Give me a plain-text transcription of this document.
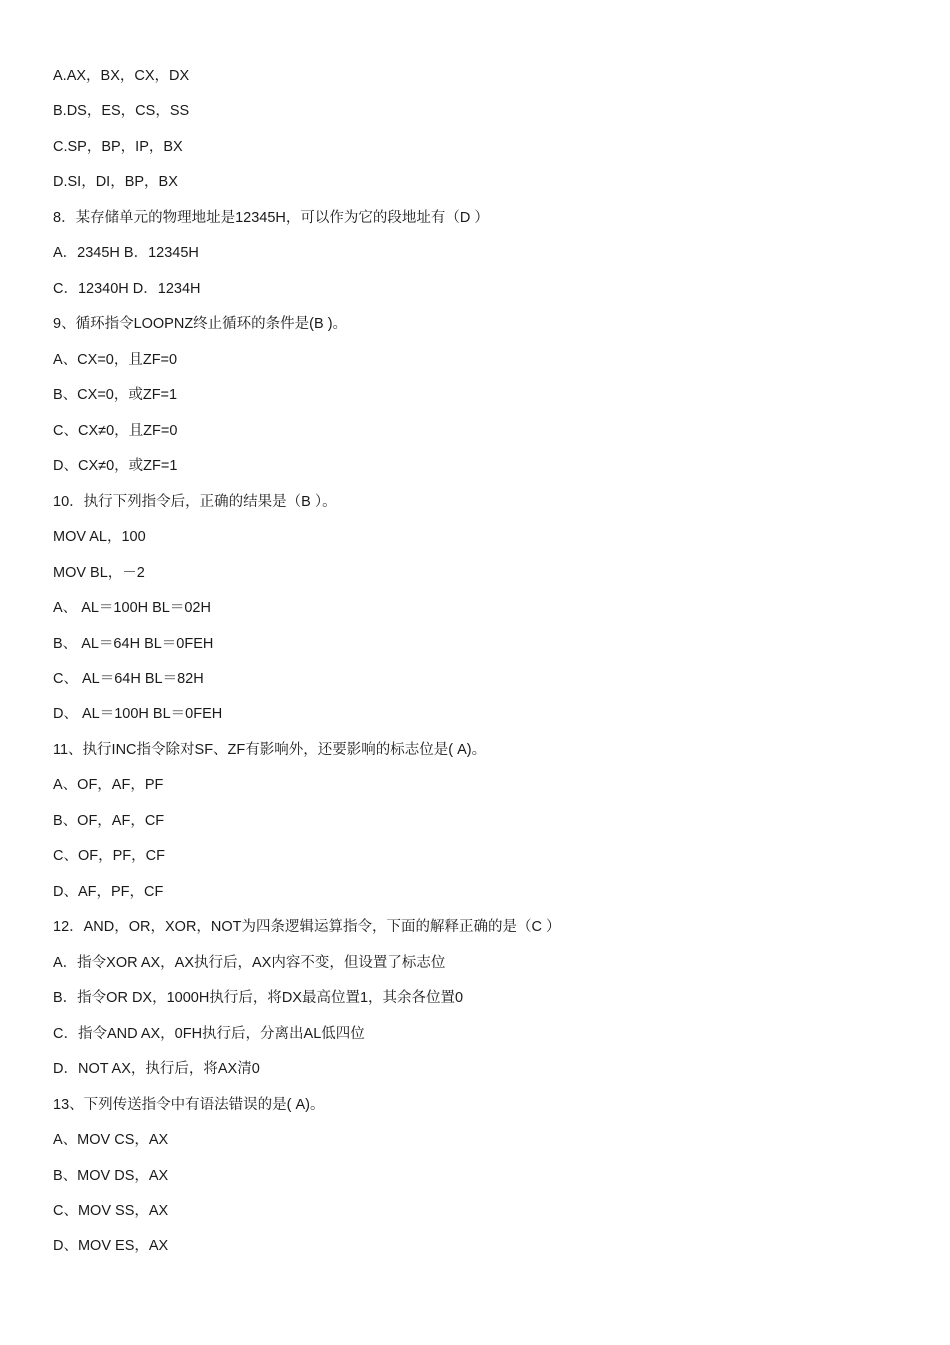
A.AX，BX，CX，DX
B.DS，ES，CS，SS
C.SP，BP，IP，BX
D.SI，DI，BP，BX
8．某存储单元的物理地址是12345H，可以作为它的段地址有（D ）
A．2345H B．12345H
C．12340H D．1234H
9、循环指令LOOPNZ终止循环的条件是(B )。
A、CX=0，且ZF=0
B、CX=0，或ZF=1
C、CX≠0，且ZF=0
D、CX≠0，或ZF=1
10．执行下列指令后，正确的结果是（B ）。
MOV AL，100
MOV BL，－2
A、 AL＝100H BL＝02H
B、 AL＝64H BL＝0FEH
C、 AL＝64H BL＝82H
D、 AL＝100H BL＝0FEH
11、执行INC指令除对SF、ZF有影响外，还要影响的标志位是( A)。
A、OF，AF，PF
B、OF，AF，CF
C、OF，PF，CF
D、AF，PF，CF
12．AND，OR，XOR，NOT为四条逻辑运算指令，下面的解释正确的是（C ）
A．指令XOR AX，AX执行后，AX内容不变，但设置了标志位
B．指令OR DX，1000H执行后，将DX最高位置1，其余各位置0
C．指令AND AX，0FH执行后，分离出AL低四位
D．NOT AX，执行后，将AX清0
13、下列传送指令中有语法错误的是( A)。
A、MOV CS，AX
B、MOV DS，AX
C、MOV SS，AX
D、MOV ES，AX
